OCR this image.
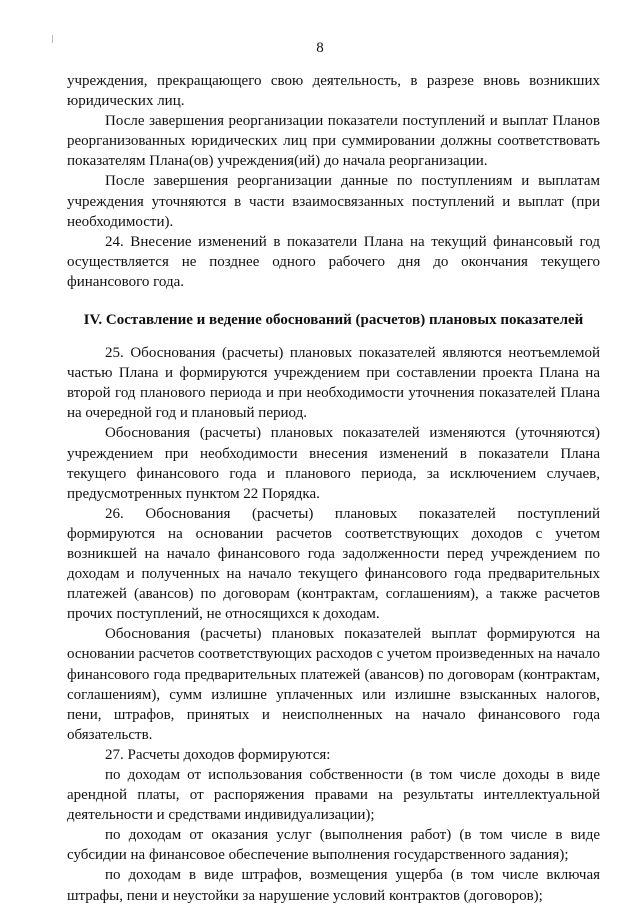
8

учреждения, прекращающего свою деятельность, в разрезе вновь возникших юридических лиц.

После завершения реорганизации показатели поступлений и выплат Планов реорганизованных юридических лиц при суммировании должны соответствовать показателям Плана(ов) учреждения(ий) до начала реорганизации.

После завершения реорганизации данные по поступлениям и выплатам учреждения уточняются в части взаимосвязанных поступлений и выплат (при необходимости).

24. Внесение изменений в показатели Плана на текущий финансовый год осуществляется не позднее одного рабочего дня до окончания текущего финансового года.

IV. Составление и ведение обоснований (расчетов) плановых показателей

25. Обоснования (расчеты) плановых показателей являются неотъемлемой частью Плана и формируются учреждением при составлении проекта Плана на второй год планового периода и при необходимости уточнения показателей Плана на очередной год и плановый период.

Обоснования (расчеты) плановых показателей изменяются (уточняются) учреждением при необходимости внесения изменений в показатели Плана текущего финансового года и планового периода, за исключением случаев, предусмотренных пунктом 22 Порядка.

26. Обоснования (расчеты) плановых показателей поступлений формируются на основании расчетов соответствующих доходов с учетом возникшей на начало финансового года задолженности перед учреждением по доходам и полученных на начало текущего финансового года предварительных платежей (авансов) по договорам (контрактам, соглашениям), а также расчетов прочих поступлений, не относящихся к доходам.

Обоснования (расчеты) плановых показателей выплат формируются на основании расчетов соответствующих расходов с учетом произведенных на начало финансового года предварительных платежей (авансов) по договорам (контрактам, соглашениям), сумм излишне уплаченных или излишне взысканных налогов, пени, штрафов, принятых и неисполненных на начало финансового года обязательств.

27. Расчеты доходов формируются:

по доходам от использования собственности (в том числе доходы в виде арендной платы, от распоряжения правами на результаты интеллектуальной деятельности и средствами индивидуализации);

по доходам от оказания услуг (выполнения работ) (в том числе в виде субсидии на финансовое обеспечение выполнения государственного задания);

по доходам в виде штрафов, возмещения ущерба (в том числе включая штрафы, пени и неустойки за нарушение условий контрактов (договоров);
